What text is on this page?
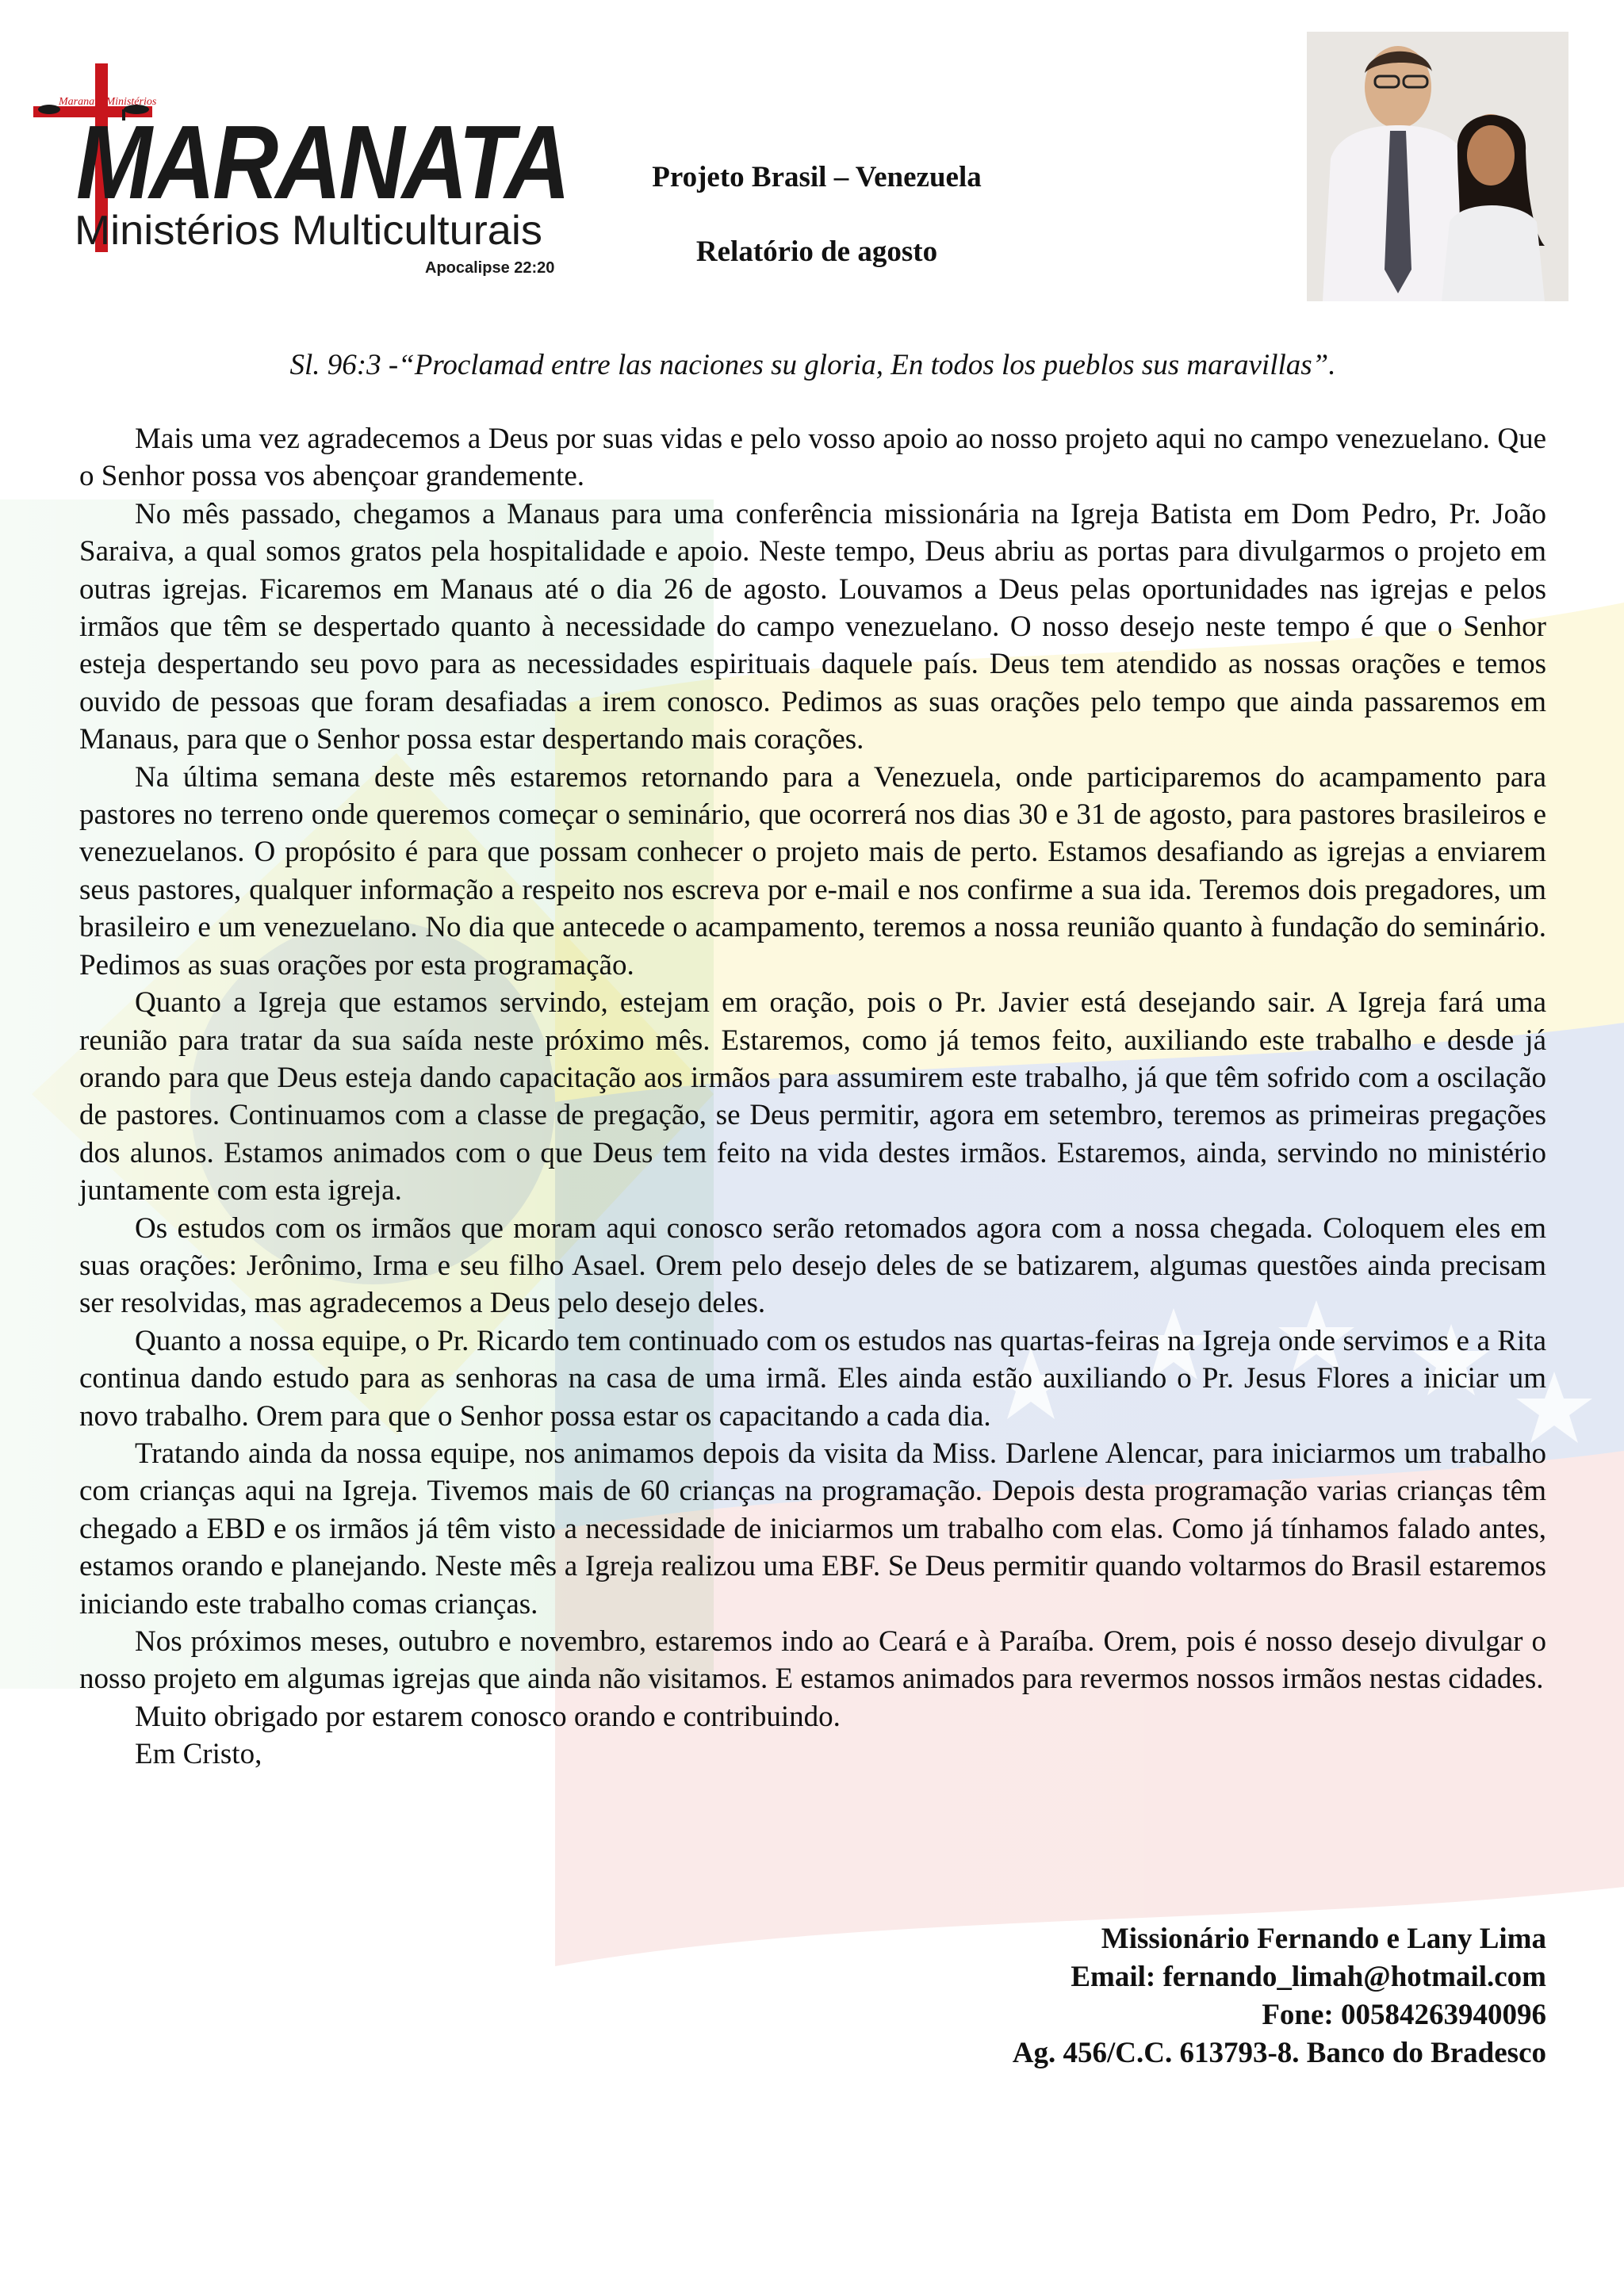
Maranata Ministérios
MARANATA
Ministérios Multiculturais
Apocalipse 22:20
Projeto Brasil – Venezuela
Relatório de agosto
Sl. 96:3 -“Proclamad entre las naciones su gloria, En todos los pueblos sus maravillas”.

Mais uma vez agradecemos a Deus por suas vidas e pelo vosso apoio ao nosso projeto aqui no campo venezuelano. Que o Senhor possa vos abençoar grandemente.

No mês passado, chegamos a Manaus para uma conferência missionária na Igreja Batista em Dom Pedro, Pr. João Saraiva, a qual somos gratos pela hospitalidade e apoio. Neste tempo, Deus abriu as portas para divulgarmos o projeto em outras igrejas. Ficaremos em Manaus até o dia 26 de agosto. Louvamos a Deus pelas oportunidades nas igrejas e pelos irmãos que têm se despertado quanto à necessidade do campo venezuelano. O nosso desejo neste tempo é que o Senhor esteja despertando seu povo para as necessidades espirituais daquele país. Deus tem atendido as nossas orações e temos ouvido de pessoas que foram desafiadas a irem conosco. Pedimos as suas orações pelo tempo que ainda passaremos em Manaus, para que o Senhor possa estar despertando mais corações.

Na última semana deste mês estaremos retornando para a Venezuela, onde participaremos do acampamento para pastores no terreno onde queremos começar o seminário, que ocorrerá nos dias 30 e 31 de agosto, para pastores brasileiros e venezuelanos. O propósito é para que possam conhecer o projeto mais de perto. Estamos desafiando as igrejas a enviarem seus pastores, qualquer informação a respeito nos escreva por e-mail e nos confirme a sua ida. Teremos dois pregadores, um brasileiro e um venezuelano. No dia que antecede o acampamento, teremos a nossa reunião quanto à fundação do seminário. Pedimos as suas orações por esta programação.

Quanto a Igreja que estamos servindo, estejam em oração, pois o Pr. Javier está desejando sair. A Igreja fará uma reunião para tratar da sua saída neste próximo mês. Estaremos, como já temos feito, auxiliando este trabalho e desde já orando para que Deus esteja dando capacitação aos irmãos para assumirem este trabalho, já que têm sofrido com a oscilação de pastores. Continuamos com a classe de pregação, se Deus permitir, agora em setembro, teremos as primeiras pregações dos alunos. Estamos animados com o que Deus tem feito na vida destes irmãos. Estaremos, ainda, servindo no ministério juntamente com esta igreja.

Os estudos com os irmãos que moram aqui conosco serão retomados agora com a nossa chegada. Coloquem eles em suas orações: Jerônimo, Irma e seu filho Asael. Orem pelo desejo deles de se batizarem, algumas questões ainda precisam ser resolvidas, mas agradecemos a Deus pelo desejo deles.

Quanto a nossa equipe, o Pr. Ricardo tem continuado com os estudos nas quartas-feiras na Igreja onde servimos e a Rita continua dando estudo para as senhoras na casa de uma irmã. Eles ainda estão auxiliando o Pr. Jesus Flores a iniciar um novo trabalho. Orem para que o Senhor possa estar os capacitando a cada dia.

Tratando ainda da nossa equipe, nos animamos depois da visita da Miss. Darlene Alencar, para iniciarmos um trabalho com crianças aqui na Igreja. Tivemos mais de 60 crianças na programação. Depois desta programação varias crianças têm chegado a EBD e os irmãos já têm visto a necessidade de iniciarmos um trabalho com elas. Como já tínhamos falado antes, estamos orando e planejando. Neste mês a Igreja realizou uma EBF. Se Deus permitir quando voltarmos do Brasil estaremos iniciando este trabalho comas crianças.

Nos próximos meses, outubro e novembro, estaremos indo ao Ceará e à Paraíba. Orem, pois é nosso desejo divulgar o nosso projeto em algumas igrejas que ainda não visitamos. E estamos animados para revermos nossos irmãos nestas cidades.

Muito obrigado por estarem conosco orando e contribuindo.

Em Cristo,

Missionário Fernando e Lany Lima
Email: fernando_limah@hotmail.com
Fone: 00584263940096
Ag. 456/C.C. 613793-8. Banco do Bradesco
